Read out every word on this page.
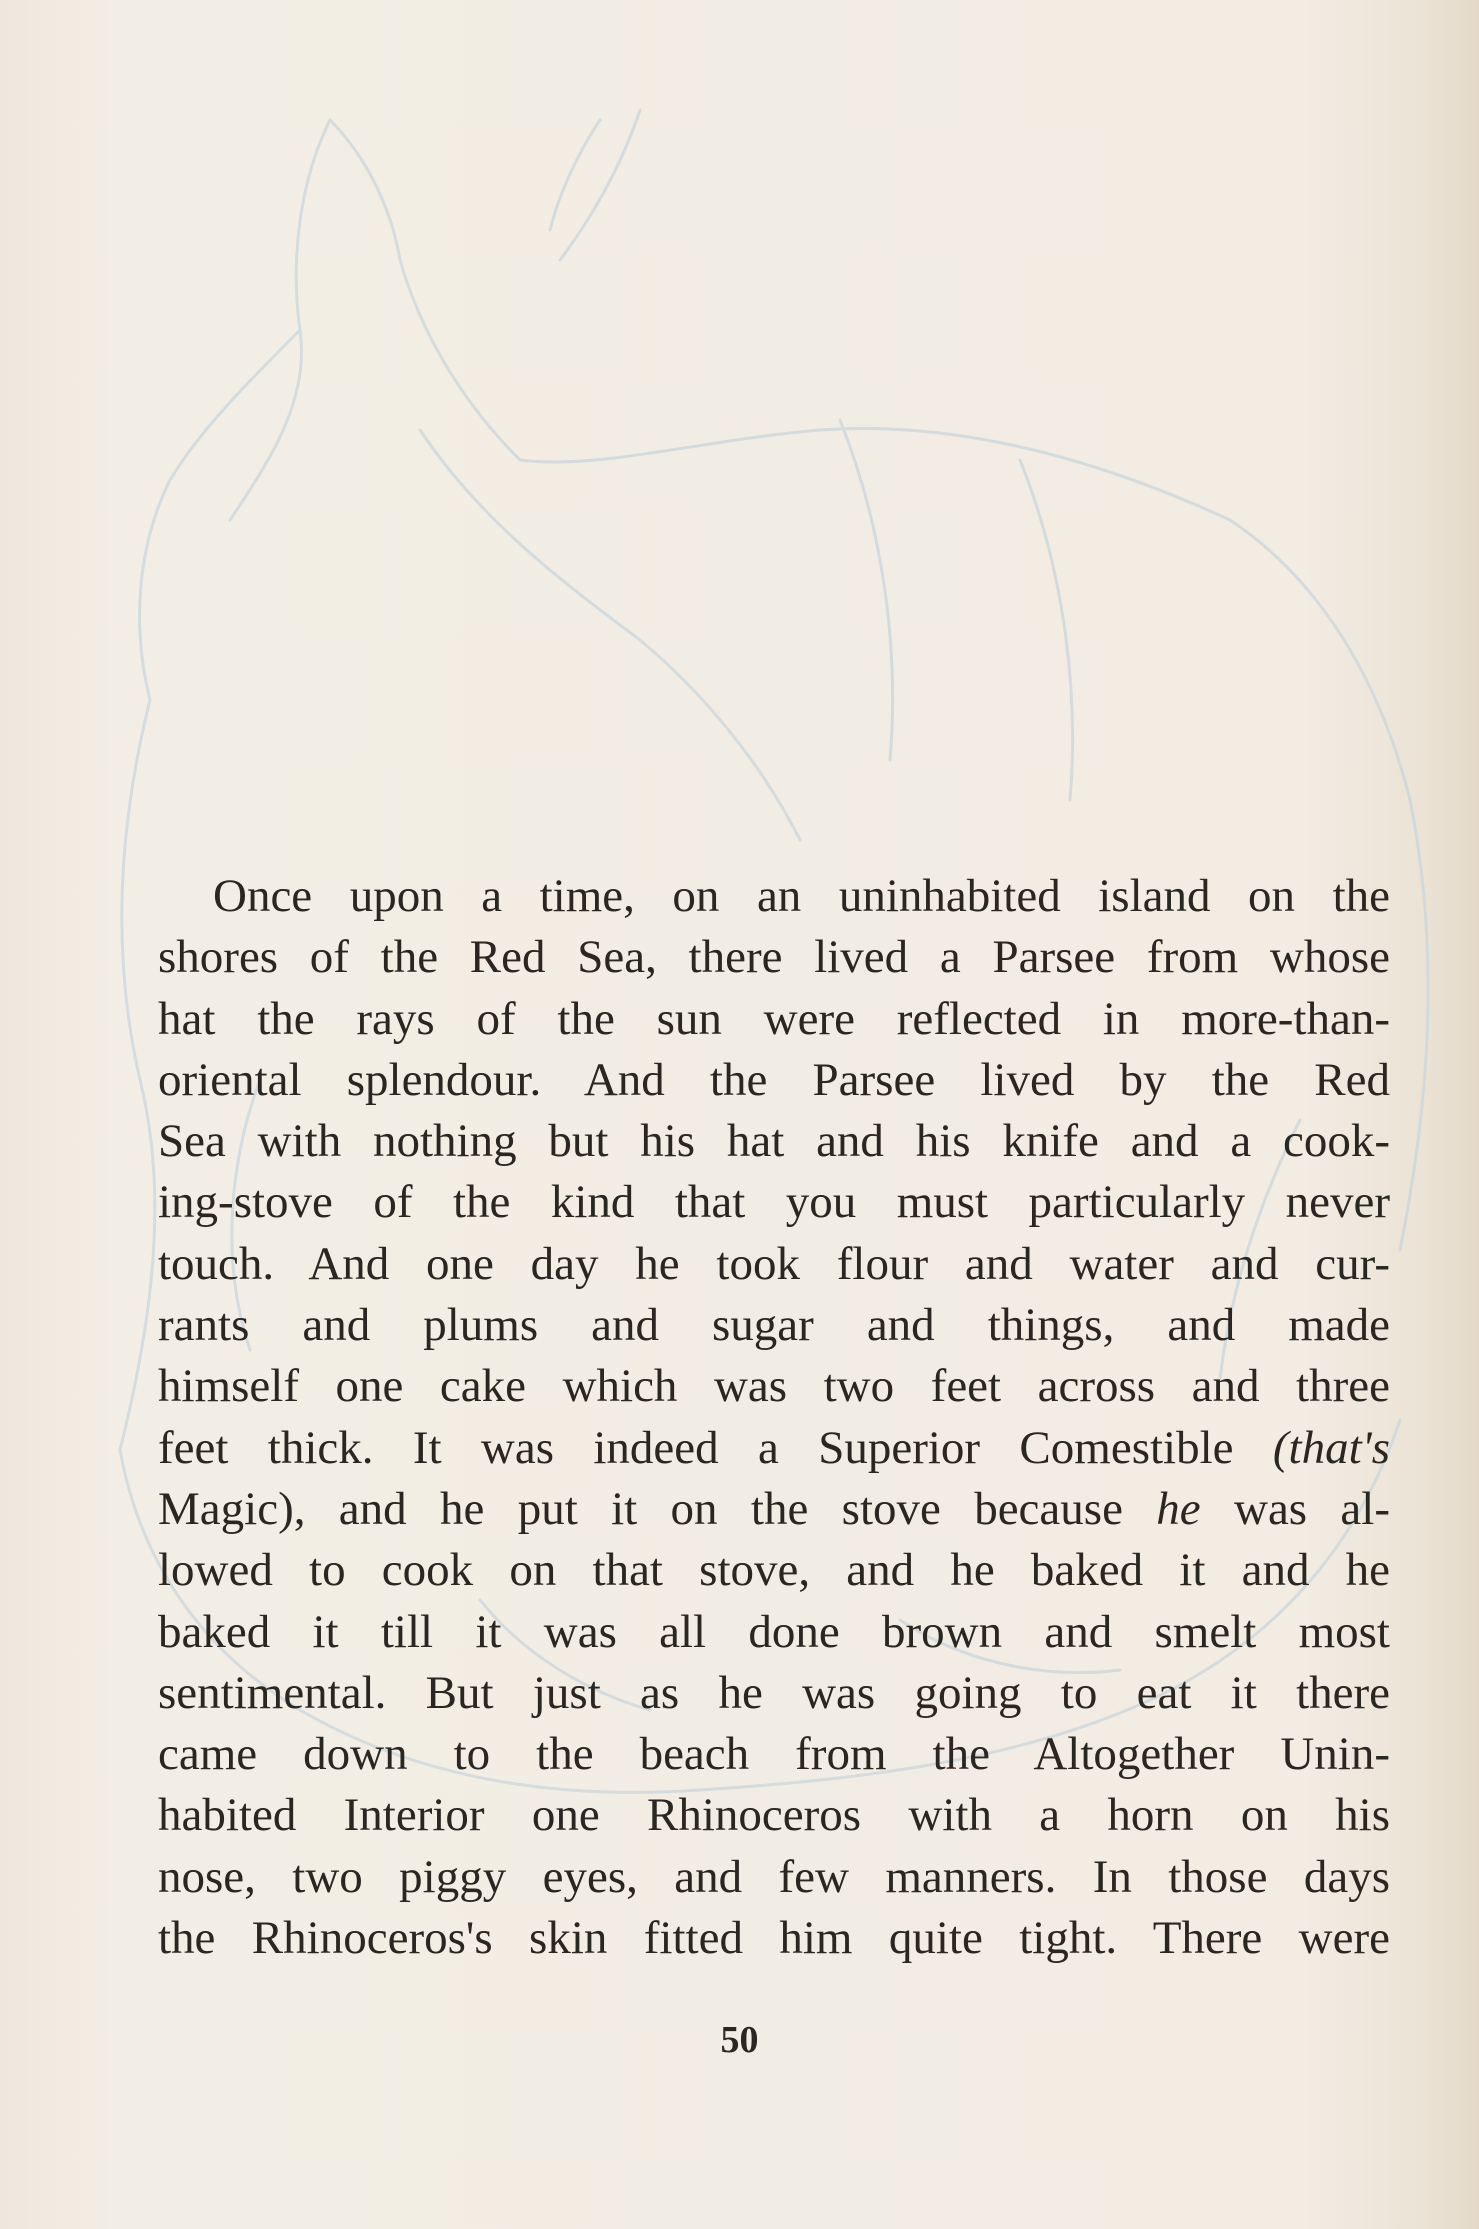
Once upon a time, on an uninhabited island on the
shores of the Red Sea, there lived a Parsee from whose
hat the rays of the sun were reflected in more-than-
oriental splendour. And the Parsee lived by the Red
Sea with nothing but his hat and his knife and a cook-
ing-stove of the kind that you must particularly never
touch. And one day he took flour and water and cur-
rants and plums and sugar and things, and made
himself one cake which was two feet across and three
feet thick. It was indeed a Superior Comestible (that's
Magic), and he put it on the stove because he was al-
lowed to cook on that stove, and he baked it and he
baked it till it was all done brown and smelt most
sentimental. But just as he was going to eat it there
came down to the beach from the Altogether Unin-
habited Interior one Rhinoceros with a horn on his
nose, two piggy eyes, and few manners. In those days
the Rhinoceros's skin fitted him quite tight. There were
50
